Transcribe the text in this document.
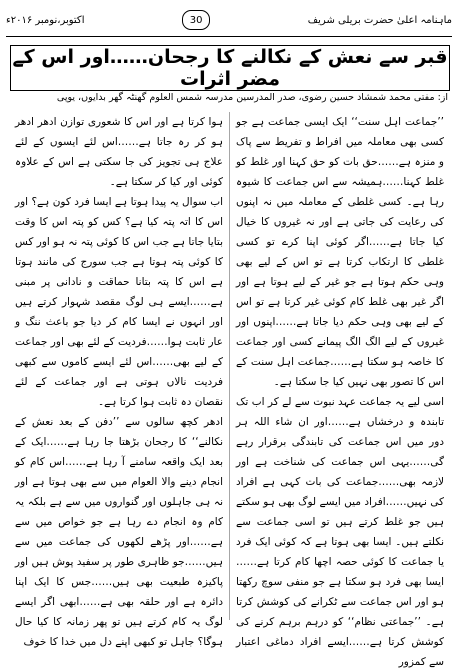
ماہنامہ اعلیٰ حضرت بریلی شریف
30
اکتوبر،نومبر ۲۰۱۶ء
قبر سے نعش کے نکالنے کا رجحان……اور اس کے مضر اثرات
از: مفتی محمد شمشاد حسین رضوی، صدر المدرسین مدرسہ شمس العلوم گھنٹہ گھر بدایوں، یوپی

’’جماعت اہل سنت‘‘ ایک ایسی جماعت ہے جو کسی بھی معاملہ میں افراط و تفریط سے پاک و منزہ ہے……حق بات کو حق کہنا اور غلط کو غلط کہنا……ہمیشہ سے اس جماعت کا شیوہ رہا ہے۔ کسی غلطی کے معاملہ میں نہ اپنوں کی رعایت کی جاتی ہے اور نہ غیروں کا خیال کیا جاتا ہے……اگر کوئی اپنا کرے تو کسی غلطی کا ارتکاب کرتا ہے تو اس کے لیے بھی وہی حکم ہوتا ہے جو غیر کے لیے ہوتا ہے اور اگر غیر بھی غلط کام کوئی غیر کرتا ہے تو اس کے لیے بھی وہی حکم دیا جاتا ہے……اپنوں اور غیروں کے لیے الگ الگ پیمانے کسی اور جماعت کا خاصہ ہو سکتا ہے……جماعت اہل سنت کے اس کا تصور بھی نہیں کیا جا سکتا ہے۔

اسی لیے یہ جماعت عہد نبوت سے لے کر اب تک تابندہ و درخشاں ہے……اور ان شاء اللہ ہر دور میں اس جماعت کی تابندگی برقرار رہے گی……یہی اس جماعت کی شناخت ہے اور لازمہ بھی……جماعت کی بات کہی ہے افراد کی نہیں……افراد میں ایسے لوگ بھی ہو سکتے ہیں جو غلط کرتے ہیں تو اسی جماعت سے نکلتے ہیں۔ ایسا بھی ہوتا ہے کہ کوئی ایک فرد یا جماعت کا کوئی حصہ اچھا کام کرتا ہے……ایسا بھی فرد ہو سکتا ہے جو منفی سوچ رکھتا ہو اور اس جماعت سے ٹکرانے کی کوشش کرتا ہے۔ ’’جماعتی نظام‘‘ کو درہم برہم کرنے کی کوشش کرتا ہے……ایسے افراد دماغی اعتبار سے کمزور

ہوا کرتا ہے اور اس کا شعوری توازن ادھر ادھر ہو کر رہ جاتا ہے……اس لئے ایسوں کے لئے علاج ہی تجویز کی جا سکتی ہے اس کے علاوہ کوئی اور کیا کر سکتا ہے۔

اب سوال یہ پیدا ہوتا ہے ایسا فرد کون ہے؟ اور اس کا اتہ پتہ کیا ہے؟ کس کو پتہ اس کا وقت بتایا جاتا ہے جب اس کا کوئی پتہ نہ ہو اور کس کا کوئی پتہ ہوتا ہے جب سورج کی مانند ہوتا ہے اس کا پتہ بتانا حماقت و نادانی پر مبنی ہے……ایسے ہی لوگ مقصد شہوار کرتے ہیں اور انہوں نے ایسا کام کر دیا جو باعث ننگ و عار ثابت ہوا……فردیت کے لئے بھی اور جماعت کے لیے بھی……اس لئے ایسے کاموں سے کبھی فردیت نالاں ہوتی ہے اور جماعت کے لئے نقصان دہ ثابت ہوا کرتا ہے۔

ادھر کچھ سالوں سے ’’دفن کے بعد نعش کے نکالنے‘‘ کا رجحان بڑھتا جا رہا ہے……ایک کے بعد ایک واقعہ سامنے آ رہا ہے……اس کام کو انجام دینے والا العوام میں سے بھی ہوتا ہے اور نہ ہی جاہلوں اور گنواروں میں سے ہے بلکہ یہ کام وہ انجام دے رہا ہے جو خواص میں سے ہے……اور پڑھے لکھوں کی جماعت میں سے ہیں……جو ظاہری طور پر سفید پوش ہیں اور پاکیزہ طبعیت بھی ہیں……جس کا ایک اپنا دائرہ ہے اور حلقہ بھی ہے……ابھی اگر ایسے لوگ یہ کام کرتے ہیں تو پھر زمانہ کا کیا حال ہوگا؟ جاہل تو کبھی اپنے دل میں خدا کا خوف
